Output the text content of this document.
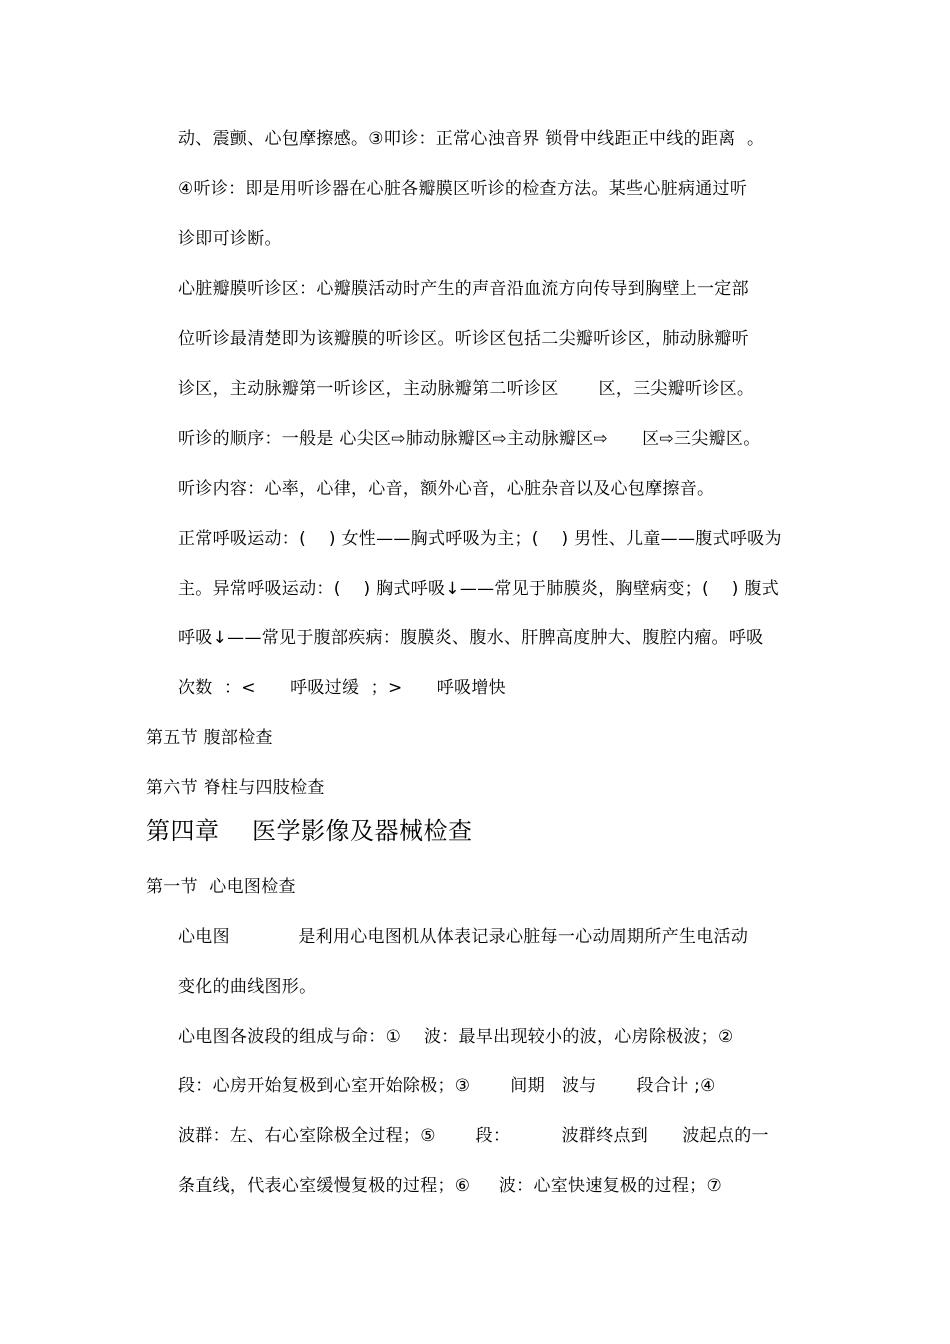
动、震颤、心包摩擦感。③叩诊：正常心浊音界 锁骨中线距正中线的距离  。
④听诊：即是用听诊器在心脏各瓣膜区听诊的检查方法。某些心脏病通过听
诊即可诊断。
心脏瓣膜听诊区：心瓣膜活动时产生的声音沿血流方向传导到胸壁上一定部
位听诊最清楚即为该瓣膜的听诊区。听诊区包括二尖瓣听诊区，肺动脉瓣听
诊区，主动脉瓣第一听诊区，主动脉瓣第二听诊区       区，三尖瓣听诊区。
听诊的顺序：一般是 心尖区⇨肺动脉瓣区⇨主动脉瓣区⇨      区⇨三尖瓣区。
听诊内容：心率，心律，心音，额外心音，心脏杂音以及心包摩擦音。
正常呼吸运动：(    ) 女性——胸式呼吸为主；(    ) 男性、儿童——腹式呼吸为
主。异常呼吸运动：(    ) 胸式呼吸↓——常见于肺膜炎，胸壁病变；(    ) 腹式
呼吸↓——常见于腹部疾病：腹膜炎、腹水、肝脾高度肿大、腹腔内瘤。呼吸
次数  ：<      呼吸过缓  ；>      呼吸增快
第五节 腹部检查
第六节 脊柱与四肢检查
第四章    医学影像及器械检查
第一节  心电图检查
心电图            是利用心电图机从体表记录心脏每一心动周期所产生电活动
变化的曲线图形。
心电图各波段的组成与命：①    波：最早出现较小的波，心房除极波；②
段：心房开始复极到心室开始除极；③       间期   波与       段合计 ;④
波群：左、右心室除极全过程；⑤       段：         波群终点到      波起点的一
条直线，代表心室缓慢复极的过程；⑥     波：心室快速复极的过程；⑦
